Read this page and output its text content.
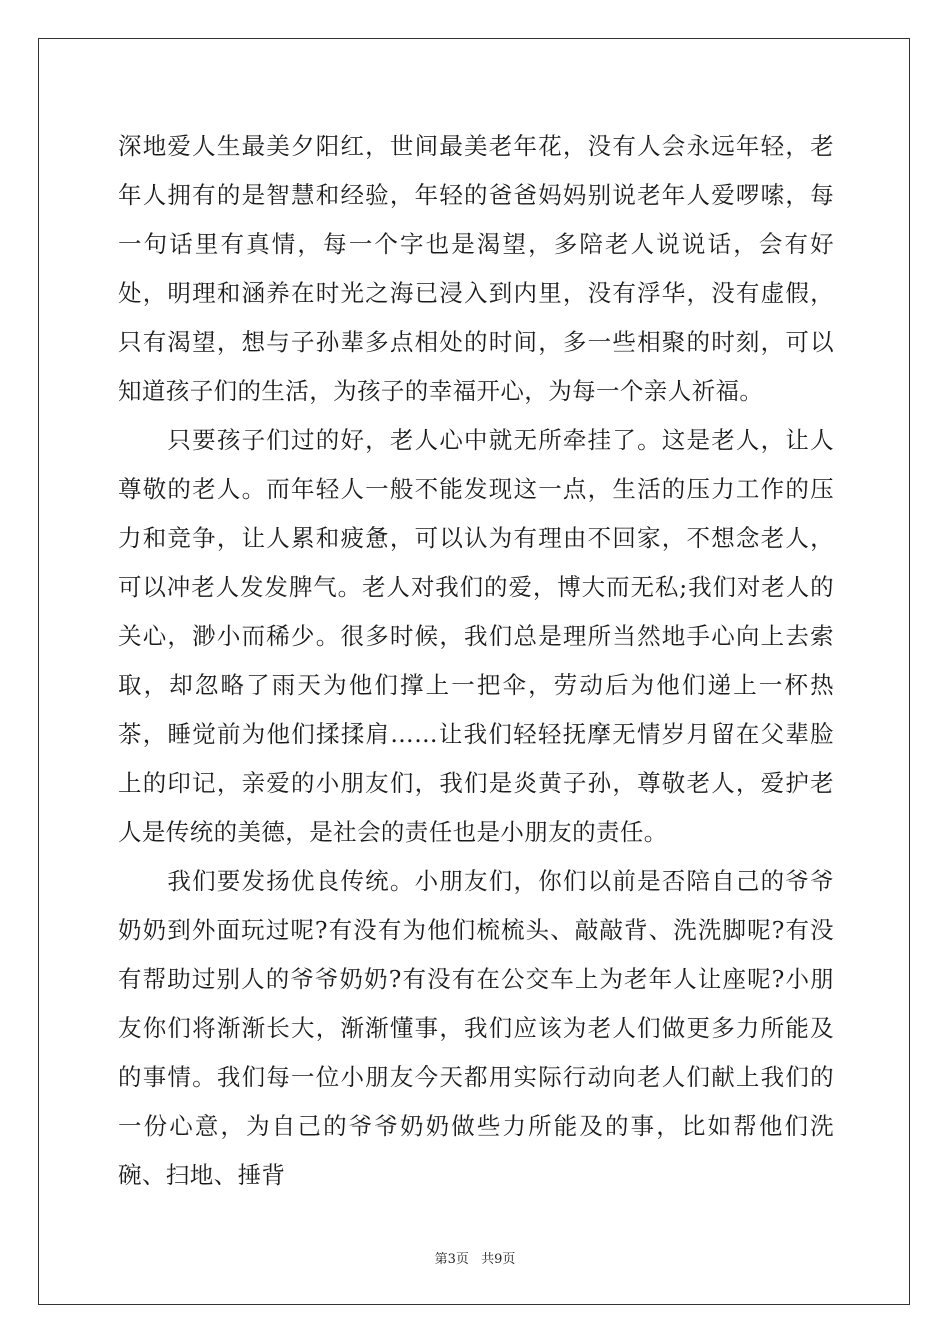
深地爱人生最美夕阳红，世间最美老年花，没有人会永远年轻，老年人拥有的是智慧和经验，年轻的爸爸妈妈别说老年人爱啰嗦，每一句话里有真情，每一个字也是渴望，多陪老人说说话，会有好处，明理和涵养在时光之海已浸入到内里，没有浮华，没有虚假，只有渴望，想与子孙辈多点相处的时间，多一些相聚的时刻，可以知道孩子们的生活，为孩子的幸福开心，为每一个亲人祈福。

　　只要孩子们过的好，老人心中就无所牵挂了。这是老人，让人尊敬的老人。而年轻人一般不能发现这一点，生活的压力工作的压力和竞争，让人累和疲惫，可以认为有理由不回家，不想念老人，可以冲老人发发脾气。老人对我们的爱，博大而无私;我们对老人的关心，渺小而稀少。很多时候，我们总是理所当然地手心向上去索取，却忽略了雨天为他们撑上一把伞，劳动后为他们递上一杯热茶，睡觉前为他们揉揉肩……让我们轻轻抚摩无情岁月留在父辈脸上的印记，亲爱的小朋友们，我们是炎黄子孙，尊敬老人，爱护老人是传统的美德，是社会的责任也是小朋友的责任。

　　我们要发扬优良传统。小朋友们，你们以前是否陪自己的爷爷奶奶到外面玩过呢?有没有为他们梳梳头、敲敲背、洗洗脚呢?有没有帮助过别人的爷爷奶奶?有没有在公交车上为老年人让座呢?小朋友你们将渐渐长大，渐渐懂事，我们应该为老人们做更多力所能及的事情。我们每一位小朋友今天都用实际行动向老人们献上我们的一份心意，为自己的爷爷奶奶做些力所能及的事，比如帮他们洗碗、扫地、捶背

第3页 共9页
